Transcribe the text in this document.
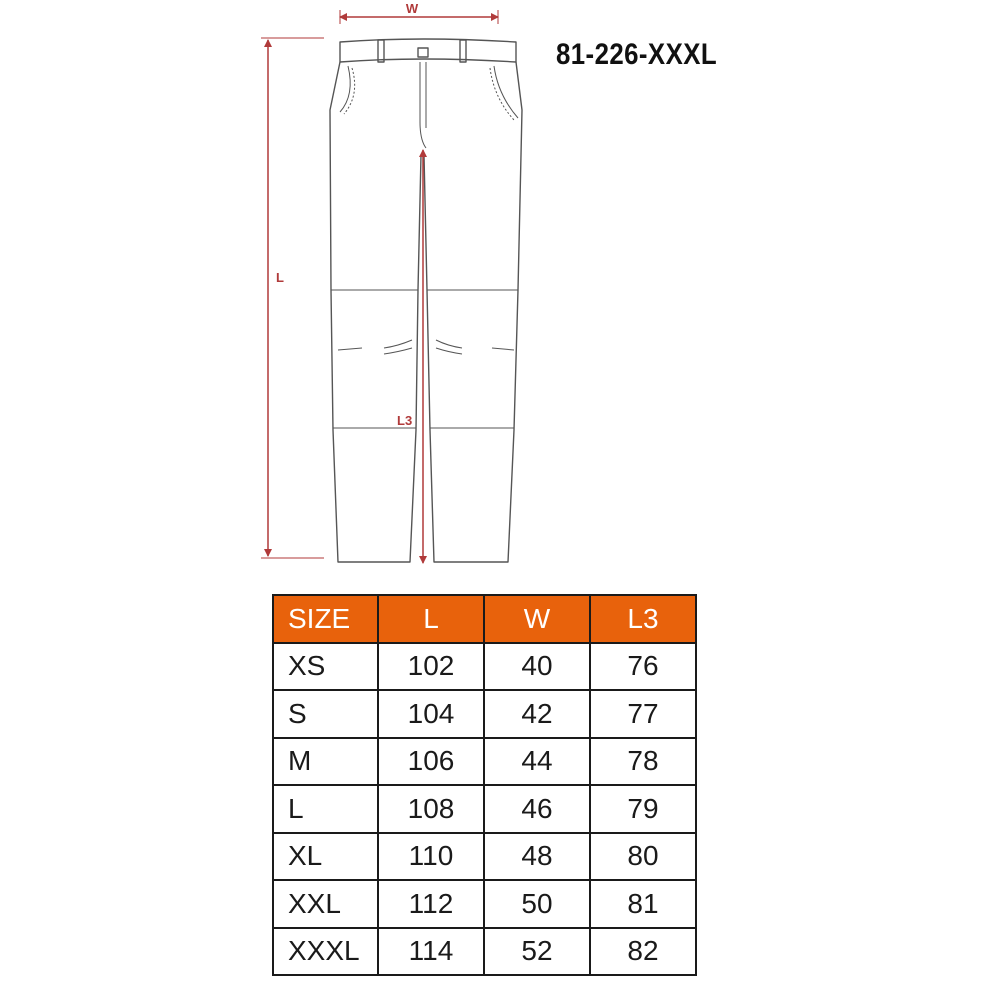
W
L
L3
81-226-XXXL
SIZE	L	W	L3
XS	102	40	76
S	104	42	77
M	106	44	78
L	108	46	79
XL	110	48	80
XXL	112	50	81
XXXL	114	52	82
